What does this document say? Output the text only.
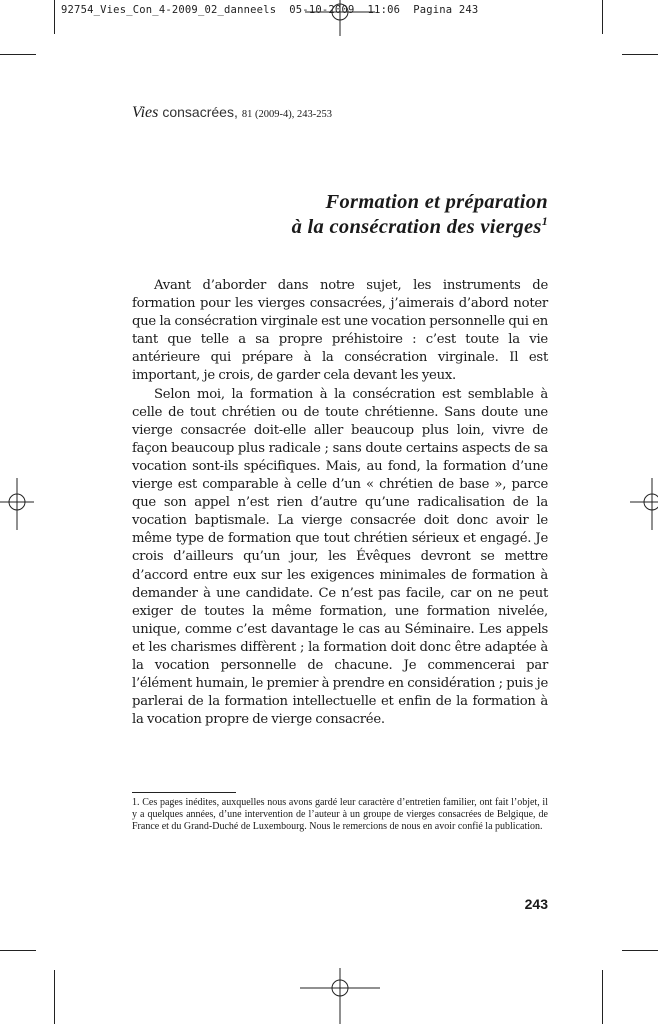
92754_Vies_Con_4-2009_02_danneels 05-10-2009 11:06 Pagina 243
Vies consacrées, 81 (2009-4), 243-253
Formation et préparation
à la consécration des vierges$^1$

Avant d’aborder dans notre sujet, les instruments de formation pour les vierges consacrées, j’aimerais d’abord noter que la consécration virginale est une vocation personnelle qui en tant que telle a sa propre préhistoire : c’est toute la vie antérieure qui prépare à la consécration virginale. Il est important, je crois, de garder cela devant les yeux.

Selon moi, la formation à la consécration est semblable à celle de tout chrétien ou de toute chrétienne. Sans doute une vierge consacrée doit-elle aller beaucoup plus loin, vivre de façon beaucoup plus radicale ; sans doute certains aspects de sa vocation sont-ils spécifiques. Mais, au fond, la formation d’une vierge est comparable à celle d’un « chrétien de base », parce que son appel n’est rien d’autre qu’une radicalisation de la vocation baptismale. La vierge consacrée doit donc avoir le même type de formation que tout chrétien sérieux et engagé. Je crois d’ailleurs qu’un jour, les Évêques devront se mettre d’accord entre eux sur les exigences minimales de formation à demander à une candidate. Ce n’est pas facile, car on ne peut exiger de toutes la même formation, une formation nivelée, unique, comme c’est davantage le cas au Séminaire. Les appels et les charismes diffèrent ; la formation doit donc être adaptée à la vocation personnelle de chacune. Je commencerai par l’élément humain, le premier à prendre en considération ; puis je parlerai de la formation intellectuelle et enfin de la formation à la vocation propre de vierge consacrée.

1. Ces pages inédites, auxquelles nous avons gardé leur caractère d’entretien familier, ont fait l’objet, il y a quelques années, d’une intervention de l’auteur à un groupe de vierges consacrées de Belgique, de France et du Grand-Duché de Luxembourg. Nous le remercions de nous en avoir confié la publication.
243
